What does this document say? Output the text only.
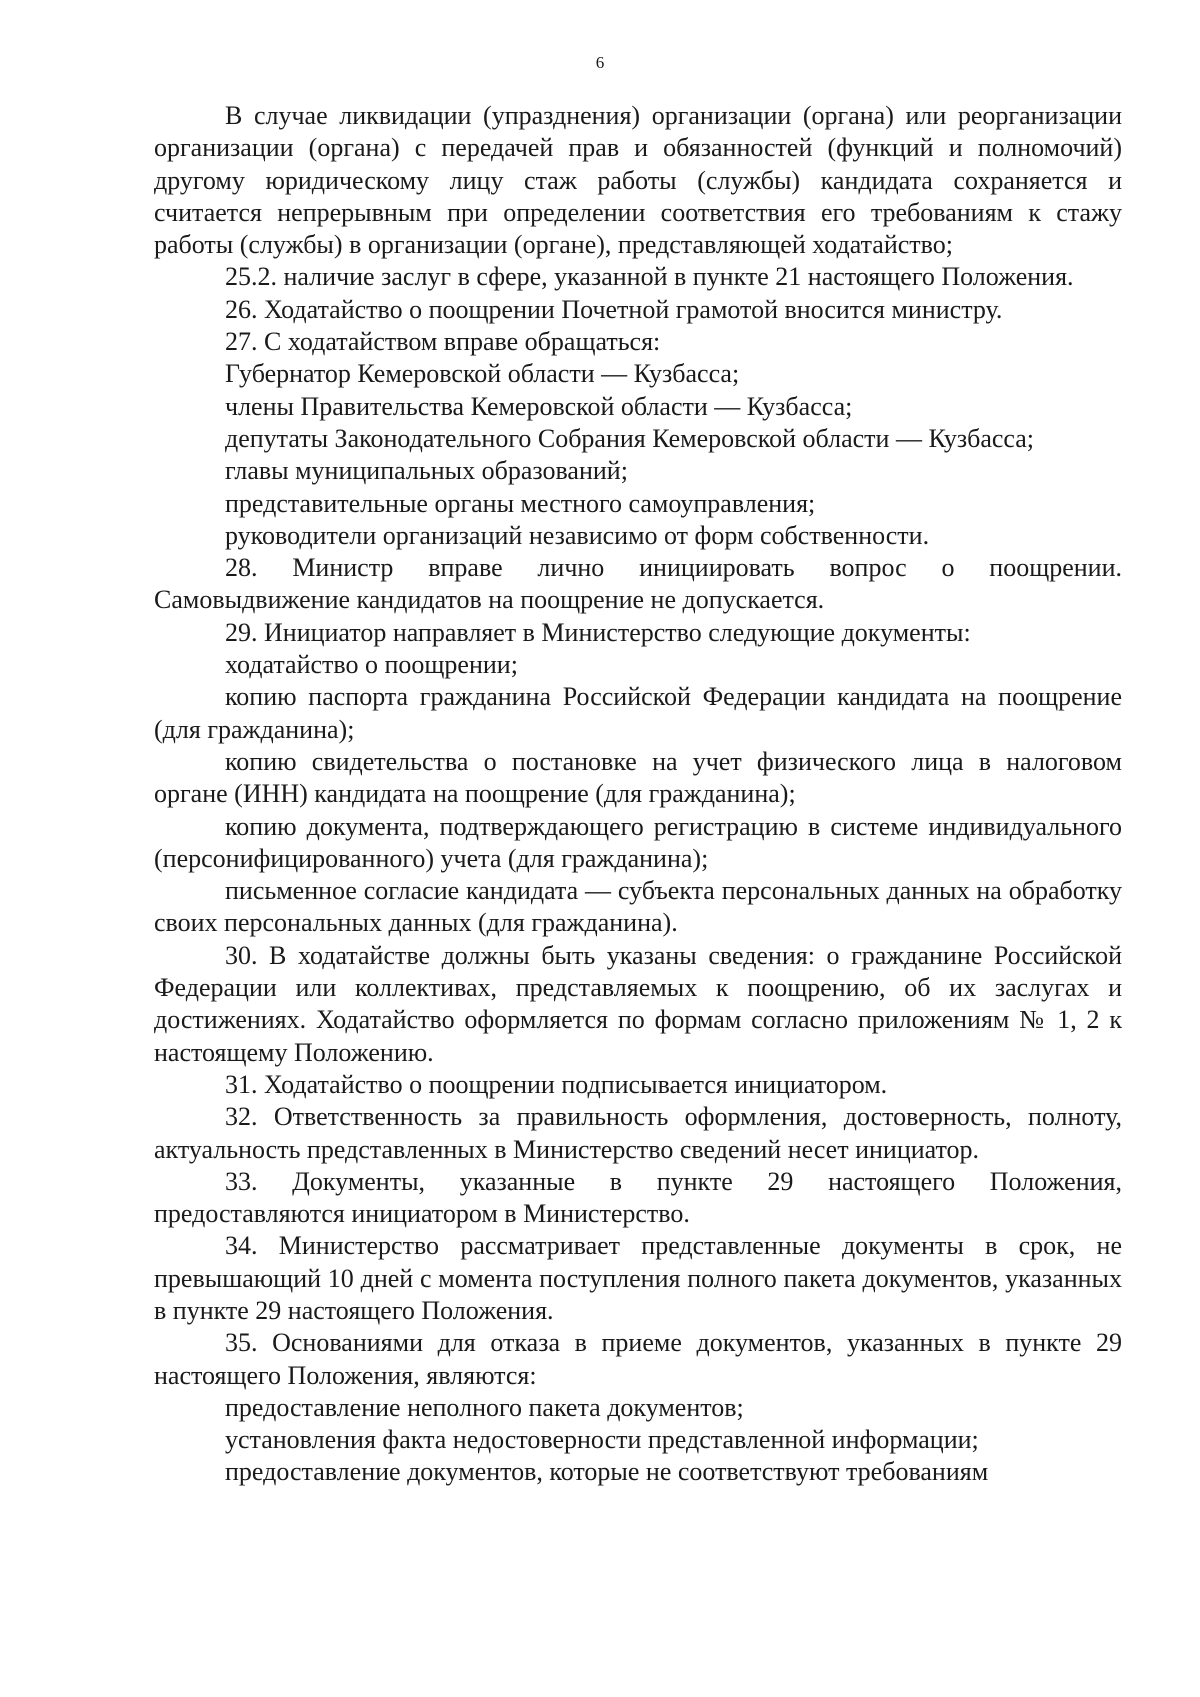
6

В случае ликвидации (упразднения) организации (органа) или реорганизации организации (органа) с передачей прав и обязанностей (функций и полномочий) другому юридическому лицу стаж работы (службы) кандидата сохраняется и считается непрерывным при определении соответствия его требованиям к стажу работы (службы) в организации (органе), представляющей ходатайство;

25.2. наличие заслуг в сфере, указанной в пункте 21 настоящего Положения.

26. Ходатайство о поощрении Почетной грамотой вносится министру.

27. С ходатайством вправе обращаться:

Губернатор Кемеровской области — Кузбасса;

члены Правительства Кемеровской области — Кузбасса;

депутаты Законодательного Собрания Кемеровской области — Кузбасса;

главы муниципальных образований;

представительные органы местного самоуправления;

руководители организаций независимо от форм собственности.

28. Министр вправе лично инициировать вопрос о поощрении. Самовыдвижение кандидатов на поощрение не допускается.

29. Инициатор направляет в Министерство следующие документы:

ходатайство о поощрении;

копию паспорта гражданина Российской Федерации кандидата на поощрение (для гражданина);

копию свидетельства о постановке на учет физического лица в налоговом органе (ИНН) кандидата на поощрение (для гражданина);

копию документа, подтверждающего регистрацию в системе индивидуального (персонифицированного) учета (для гражданина);

письменное согласие кандидата — субъекта персональных данных на обработку своих персональных данных (для гражданина).

30. В ходатайстве должны быть указаны сведения: о гражданине Российской Федерации или коллективах, представляемых к поощрению, об их заслугах и достижениях. Ходатайство оформляется по формам согласно приложениям № 1, 2 к настоящему Положению.

31. Ходатайство о поощрении подписывается инициатором.

32. Ответственность за правильность оформления, достоверность, полноту, актуальность представленных в Министерство сведений несет инициатор.

33. Документы, указанные в пункте 29 настоящего Положения, предоставляются инициатором в Министерство.

34. Министерство рассматривает представленные документы в срок, не превышающий 10 дней с момента поступления полного пакета документов, указанных в пункте 29 настоящего Положения.

35. Основаниями для отказа в приеме документов, указанных в пункте 29 настоящего Положения, являются:

предоставление неполного пакета документов;

установления факта недостоверности представленной информации;

предоставление документов, которые не соответствуют требованиям
